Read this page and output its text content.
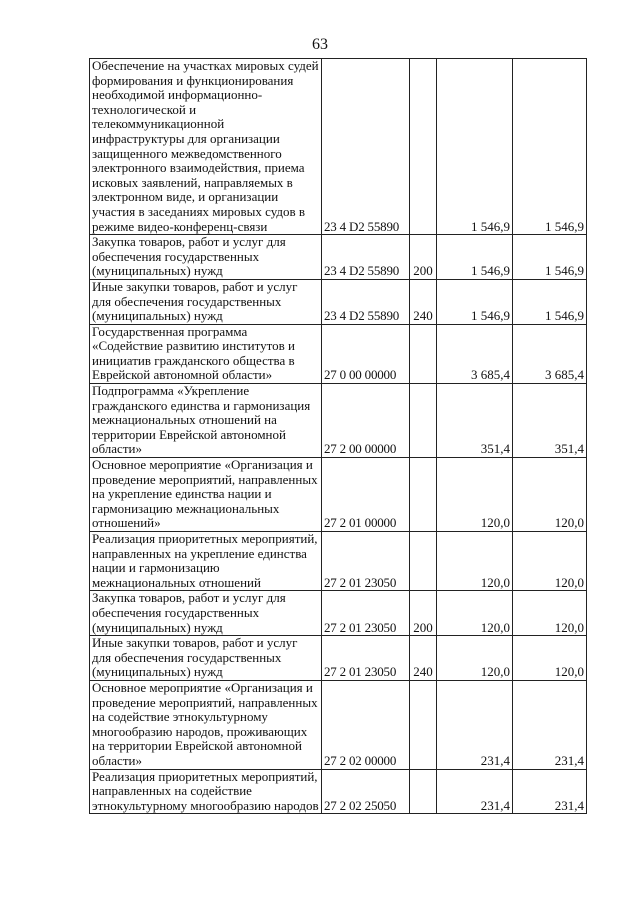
63
Обеспечение на участках мировых судей формирования и функционирования необходимой информационно-технологической и телекоммуникационной инфраструктуры для организации защищенного межведомственного электронного взаимодействия, приема исковых заявлений, направляемых в электронном виде, и организации участия в заседаниях мировых судов в режиме видео-конференц-связи	23 4 D2 55890		1 546,9	1 546,9
Закупка товаров, работ и услуг для обеспечения государственных (муниципальных) нужд	23 4 D2 55890	200	1 546,9	1 546,9
Иные закупки товаров, работ и услуг для обеспечения государственных (муниципальных) нужд	23 4 D2 55890	240	1 546,9	1 546,9
Государственная программа «Содействие развитию институтов и инициатив гражданского общества в Еврейской автономной области»	27 0 00 00000		3 685,4	3 685,4
Подпрограмма «Укрепление гражданского единства и гармонизация межнациональных отношений на территории Еврейской автономной области»	27 2 00 00000		351,4	351,4
Основное мероприятие «Организация и проведение мероприятий, направленных на укрепление единства нации и гармонизацию межнациональных отношений»	27 2 01 00000		120,0	120,0
Реализация приоритетных мероприятий, направленных на укрепление единства нации и гармонизацию межнациональных отношений	27 2 01 23050		120,0	120,0
Закупка товаров, работ и услуг для обеспечения государственных (муниципальных) нужд	27 2 01 23050	200	120,0	120,0
Иные закупки товаров, работ и услуг для обеспечения государственных (муниципальных) нужд	27 2 01 23050	240	120,0	120,0
Основное мероприятие «Организация и проведение мероприятий, направленных на содействие этнокультурному многообразию народов, проживающих на территории Еврейской автономной области»	27 2 02 00000		231,4	231,4
Реализация приоритетных мероприятий, направленных на содействие этнокультурному многообразию народов	27 2 02 25050		231,4	231,4
